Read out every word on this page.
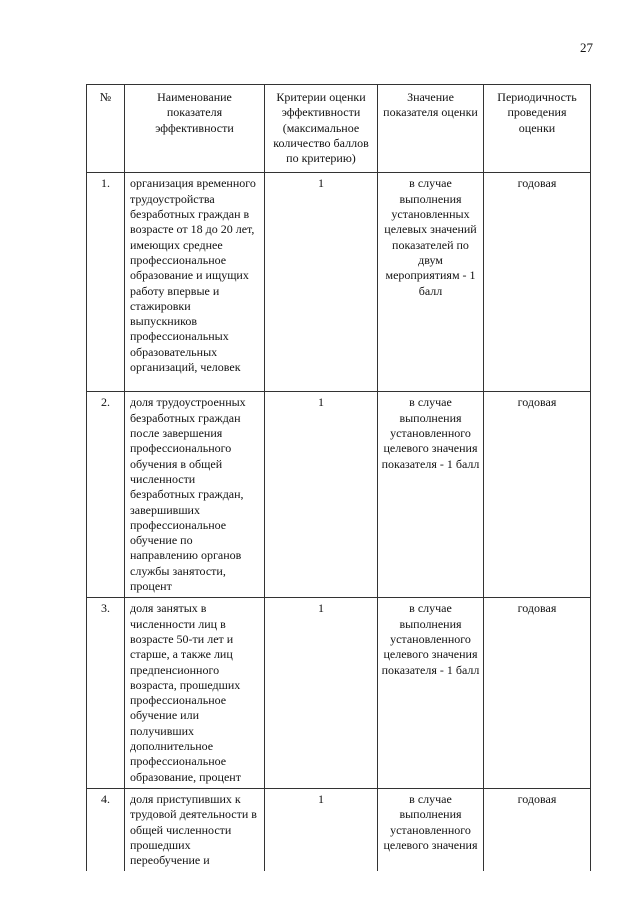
27
№	Наименование показателя эффективности	Критерии оценки эффективности (максимальное количество баллов по критерию)	Значение показателя оценки	Периодичность проведения оценки
1.	организация временного трудоустройства безработных граждан в возрасте от 18 до 20 лет, имеющих среднее профессиональное образование и ищущих работу впервые и стажировки выпускников профессиональных образовательных организаций, человек	1	в случае выполнения установленных целевых значений показателей по двум мероприятиям - 1 балл	годовая
2.	доля трудоустроенных безработных граждан после завершения профессионального обучения в общей численности безработных граждан, завершивших профессиональное обучение по направлению органов службы занятости, процент	1	в случае выполнения установленного целевого значения показателя - 1 балл	годовая
3.	доля занятых в численности лиц в возрасте 50-ти лет и старше, а также лиц предпенсионного возраста, прошедших профессиональное обучение или получивших дополнительное профессиональное образование, процент	1	в случае выполнения установленного целевого значения показателя - 1 балл	годовая
4.	доля приступивших к трудовой деятельности в общей численности прошедших переобучение и	1	в случае выполнения установленного целевого значения	годовая
